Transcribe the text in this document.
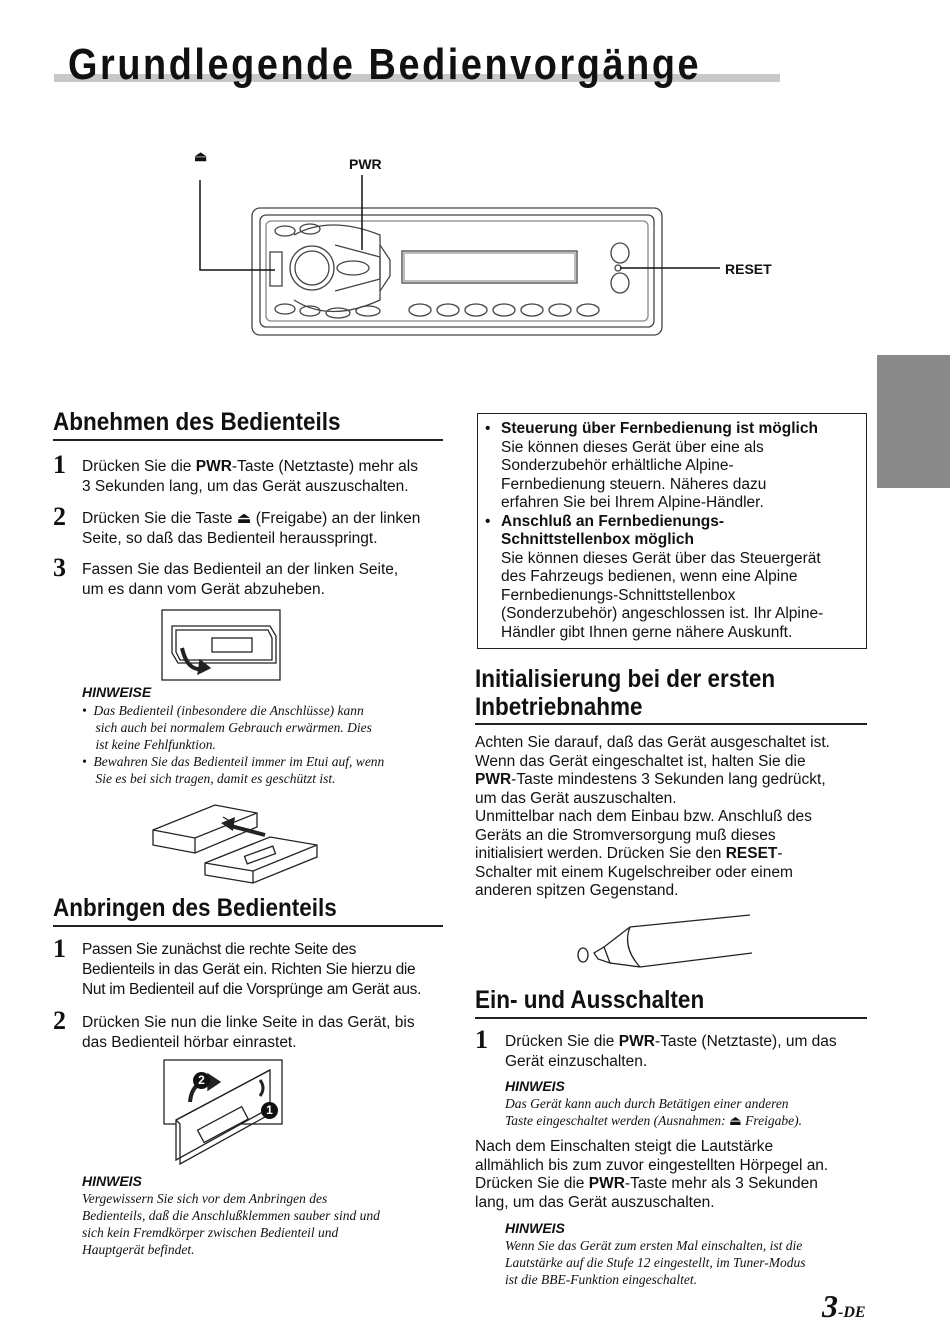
Grundlegende Bedienvorgänge
⏏	PWR
RESET
Abnehmen des Bedienteils
1 Drücken Sie die PWR-Taste (Netztaste) mehr als
3 Sekunden lang, um das Gerät auszuschalten.
2 Drücken Sie die Taste ⏏ (Freigabe) an der linken
Seite, so daß das Bedienteil herausspringt.
3 Fassen Sie das Bedienteil an der linken Seite,
um es dann vom Gerät abzuheben.
HINWEISE
•  Das Bedienteil (inbesondere die Anschlüsse) kann
sich auch bei normalem Gebrauch erwärmen. Dies
ist keine Fehlfunktion.
•  Bewahren Sie das Bedienteil immer im Etui auf, wenn
Sie es bei sich tragen, damit es geschützt ist.
Anbringen des Bedienteils
1 Passen Sie zunächst die rechte Seite des
Bedienteils in das Gerät ein. Richten Sie hierzu die
Nut im Bedienteil auf die Vorsprünge am Gerät aus.
2 Drücken Sie nun die linke Seite in das Gerät, bis
das Bedienteil hörbar einrastet.
2
1
HINWEIS
Vergewissern Sie sich vor dem Anbringen des
Bedienteils, daß die Anschlußklemmen sauber sind und
sich kein Fremdkörper zwischen Bedienteil und
Hauptgerät befindet.
• Steuerung über Fernbedienung ist möglich
Sie können dieses Gerät über eine als
Sonderzubehör erhältliche Alpine-
Fernbedienung steuern. Näheres dazu
erfahren Sie bei Ihrem Alpine-Händler.
• Anschluß an Fernbedienungs-
Schnittstellenbox möglich
Sie können dieses Gerät über das Steuergerät
des Fahrzeugs bedienen, wenn eine Alpine
Fernbedienungs-Schnittstellenbox
(Sonderzubehör) angeschlossen ist. Ihr Alpine-
Händler gibt Ihnen gerne nähere Auskunft.
Initialisierung bei der ersten
Inbetriebnahme
Achten Sie darauf, daß das Gerät ausgeschaltet ist.
Wenn das Gerät eingeschaltet ist, halten Sie die
PWR-Taste mindestens 3 Sekunden lang gedrückt,
um das Gerät auszuschalten.
Unmittelbar nach dem Einbau bzw. Anschluß des
Geräts an die Stromversorgung muß dieses
initialisiert werden. Drücken Sie den RESET-
Schalter mit einem Kugelschreiber oder einem
anderen spitzen Gegenstand.
Ein- und Ausschalten
1 Drücken Sie die PWR-Taste (Netztaste), um das
Gerät einzuschalten.
HINWEIS
Das Gerät kann auch durch Betätigen einer anderen
Taste eingeschaltet werden (Ausnahmen: ⏏ Freigabe).
Nach dem Einschalten steigt die Lautstärke
allmählich bis zum zuvor eingestellten Hörpegel an.
Drücken Sie die PWR-Taste mehr als 3 Sekunden
lang, um das Gerät auszuschalten.
HINWEIS
Wenn Sie das Gerät zum ersten Mal einschalten, ist die
Lautstärke auf die Stufe 12 eingestellt, im Tuner-Modus
ist die BBE-Funktion eingeschaltet.
3-DE
